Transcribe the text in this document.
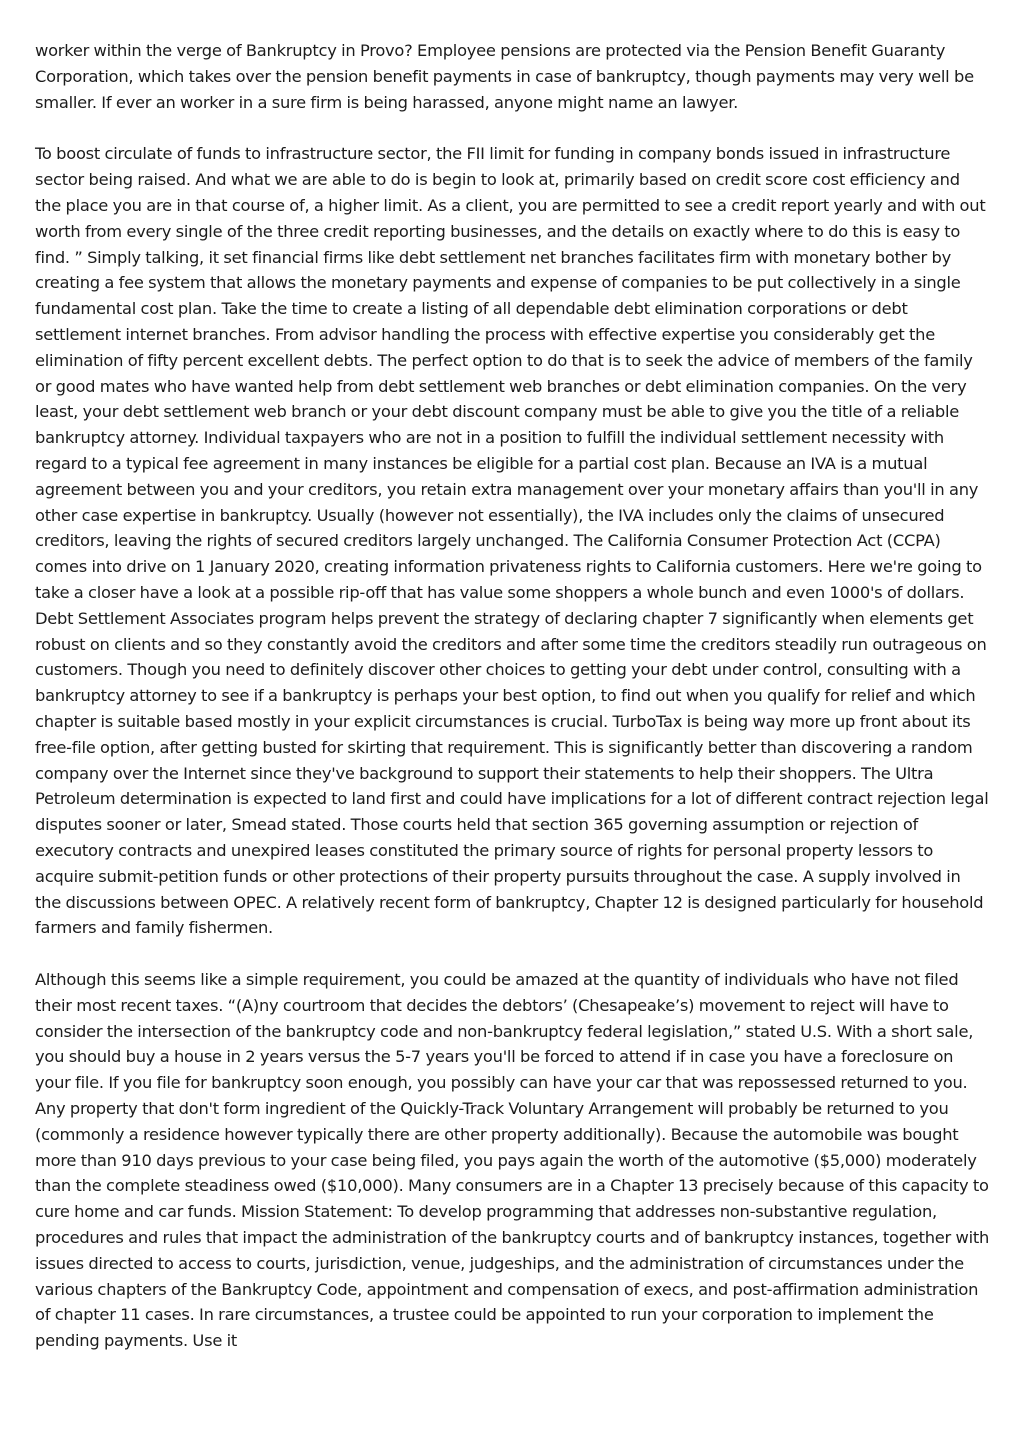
worker within the verge of Bankruptcy in Provo? Employee pensions are protected via the Pension Benefit Guaranty Corporation, which takes over the pension benefit payments in case of bankruptcy, though payments may very well be smaller. If ever an worker in a sure firm is being harassed, anyone might name an lawyer.

To boost circulate of funds to infrastructure sector, the FII limit for funding in company bonds issued in infrastructure sector being raised. And what we are able to do is begin to look at, primarily based on credit score cost efficiency and the place you are in that course of, a higher limit. As a client, you are permitted to see a credit report yearly and with out worth from every single of the three credit reporting businesses, and the details on exactly where to do this is easy to find. ” Simply talking, it set financial firms like debt settlement net branches facilitates firm with monetary bother by creating a fee system that allows the monetary payments and expense of companies to be put collectively in a single fundamental cost plan. Take the time to create a listing of all dependable debt elimination corporations or debt settlement internet branches. From advisor handling the process with effective expertise you considerably get the elimination of fifty percent excellent debts. The perfect option to do that is to seek the advice of members of the family or good mates who have wanted help from debt settlement web branches or debt elimination companies. On the very least, your debt settlement web branch or your debt discount company must be able to give you the title of a reliable bankruptcy attorney. Individual taxpayers who are not in a position to fulfill the individual settlement necessity with regard to a typical fee agreement in many instances be eligible for a partial cost plan. Because an IVA is a mutual agreement between you and your creditors, you retain extra management over your monetary affairs than you'll in any other case expertise in bankruptcy. Usually (however not essentially), the IVA includes only the claims of unsecured creditors, leaving the rights of secured creditors largely unchanged. The California Consumer Protection Act (CCPA) comes into drive on 1 January 2020, creating information privateness rights to California customers. Here we're going to take a closer have a look at a possible rip-off that has value some shoppers a whole bunch and even 1000's of dollars. Debt Settlement Associates program helps prevent the strategy of declaring chapter 7 significantly when elements get robust on clients and so they constantly avoid the creditors and after some time the creditors steadily run outrageous on customers. Though you need to definitely discover other choices to getting your debt under control, consulting with a bankruptcy attorney to see if a bankruptcy is perhaps your best option, to find out when you qualify for relief and which chapter is suitable based mostly in your explicit circumstances is crucial. TurboTax is being way more up front about its free-file option, after getting busted for skirting that requirement. This is significantly better than discovering a random company over the Internet since they've background to support their statements to help their shoppers. The Ultra Petroleum determination is expected to land first and could have implications for a lot of different contract rejection legal disputes sooner or later, Smead stated. Those courts held that section 365 governing assumption or rejection of executory contracts and unexpired leases constituted the primary source of rights for personal property lessors to acquire submit-petition funds or other protections of their property pursuits throughout the case. A supply involved in the discussions between OPEC. A relatively recent form of bankruptcy, Chapter 12 is designed particularly for household farmers and family fishermen.

Although this seems like a simple requirement, you could be amazed at the quantity of individuals who have not filed their most recent taxes. “(A)ny courtroom that decides the debtors’ (Chesapeake’s) movement to reject will have to consider the intersection of the bankruptcy code and non-bankruptcy federal legislation,” stated U.S. With a short sale, you should buy a house in 2 years versus the 5-7 years you'll be forced to attend if in case you have a foreclosure on your file. If you file for bankruptcy soon enough, you possibly can have your car that was repossessed returned to you. Any property that don't form ingredient of the Quickly-Track Voluntary Arrangement will probably be returned to you (commonly a residence however typically there are other property additionally). Because the automobile was bought more than 910 days previous to your case being filed, you pays again the worth of the automotive ($5,000) moderately than the complete steadiness owed ($10,000). Many consumers are in a Chapter 13 precisely because of this capacity to cure home and car funds. Mission Statement: To develop programming that addresses non-substantive regulation, procedures and rules that impact the administration of the bankruptcy courts and of bankruptcy instances, together with issues directed to access to courts, jurisdiction, venue, judgeships, and the administration of circumstances under the various chapters of the Bankruptcy Code, appointment and compensation of execs, and post-affirmation administration of chapter 11 cases. In rare circumstances, a trustee could be appointed to run your corporation to implement the pending payments. Use it
